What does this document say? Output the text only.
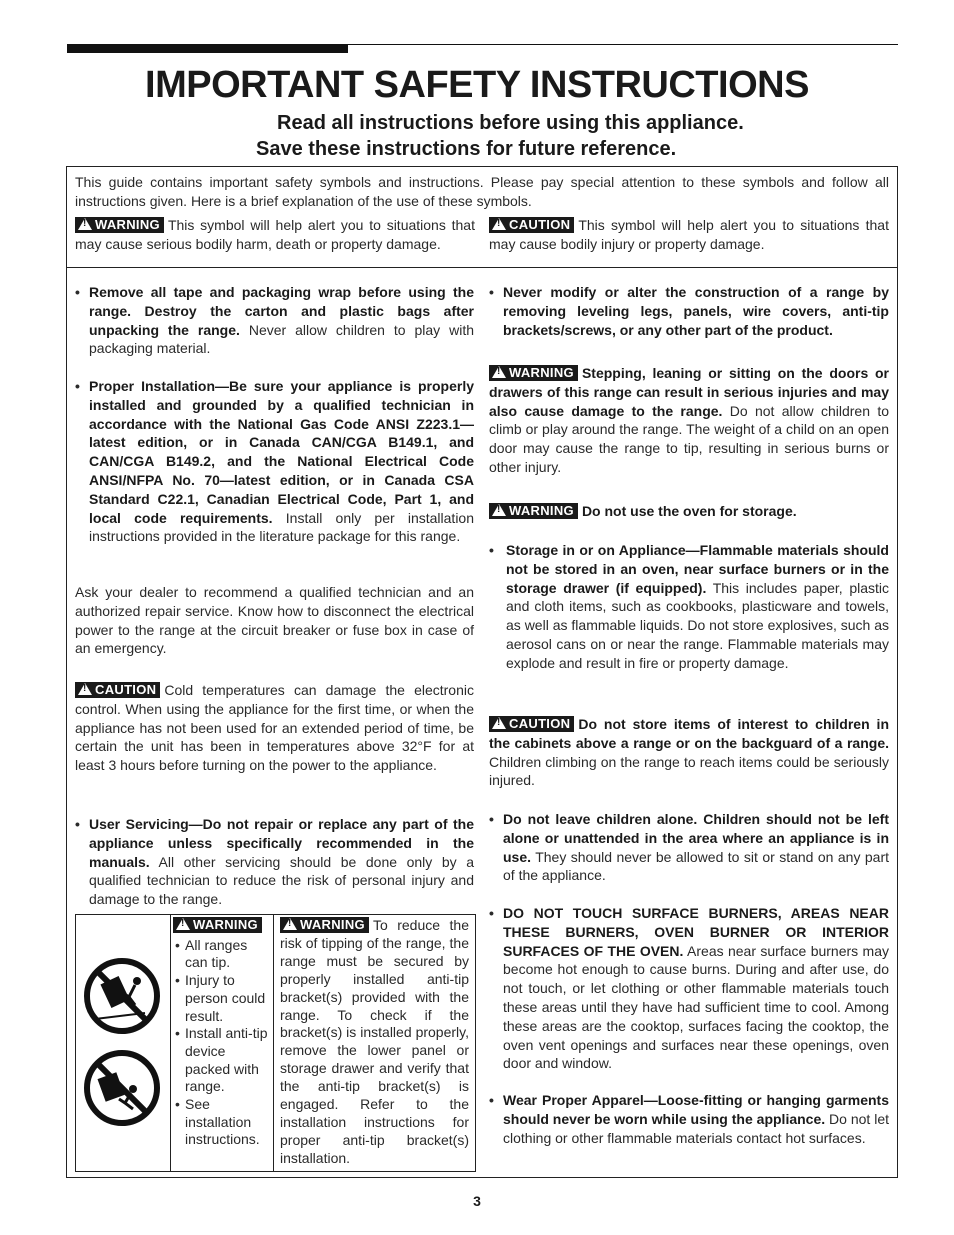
IMPORTANT SAFETY INSTRUCTIONS
Read all instructions before using this appliance.
Save these instructions for future reference.
This guide contains important safety symbols and instructions. Please pay special attention to these symbols and follow all instructions given. Here is a brief explanation of the use of these symbols.
! WARNING This symbol will help alert you to situations that may cause serious bodily harm, death or property damage.
! CAUTION This symbol will help alert you to situations that may cause bodily injury or property damage.
• Remove all tape and packaging wrap before using the range. Destroy the carton and plastic bags after unpacking the range. Never allow children to play with packaging material.
• Proper Installation—Be sure your appliance is properly installed and grounded by a qualified technician in accordance with the National Gas Code ANSI Z223.1—latest edition, or in Canada CAN/CGA B149.1, and CAN/CGA B149.2, and the National Electrical Code ANSI/NFPA No. 70—latest edition, or in Canada CSA Standard C22.1, Canadian Electrical Code, Part 1, and local code requirements. Install only per installation instructions provided in the literature package for this range.
Ask your dealer to recommend a qualified technician and an authorized repair service. Know how to disconnect the electrical power to the range at the circuit breaker or fuse box in case of an emergency.
! CAUTION Cold temperatures can damage the electronic control. When using the appliance for the first time, or when the appliance has not been used for an extended period of time, be certain the unit has been in temperatures above 32°F for at least 3 hours before turning on the power to the appliance.
• User Servicing—Do not repair or replace any part of the appliance unless specifically recommended in the manuals. All other servicing should be done only by a qualified technician to reduce the risk of personal injury and damage to the range.
! WARNING
• All ranges can tip.
• Injury to person could result.
• Install anti-tip device packed with range.
• See installation instructions.
! WARNING To reduce the risk of tipping of the range, the range must be secured by properly installed anti-tip bracket(s) provided with the range. To check if the bracket(s) is installed properly, remove the lower panel or storage drawer and verify that the anti-tip bracket(s) is engaged. Refer to the installation instructions for proper anti-tip bracket(s) installation.
• Never modify or alter the construction of a range by removing leveling legs, panels, wire covers, anti-tip brackets/screws, or any other part of the product.
! WARNING Stepping, leaning or sitting on the doors or drawers of this range can result in serious injuries and may also cause damage to the range. Do not allow children to climb or play around the range. The weight of a child on an open door may cause the range to tip, resulting in serious burns or other injury.
! WARNING Do not use the oven for storage.
• Storage in or on Appliance—Flammable materials should not be stored in an oven, near surface burners or in the storage drawer (if equipped). This includes paper, plastic and cloth items, such as cookbooks, plasticware and towels, as well as flammable liquids. Do not store explosives, such as aerosol cans on or near the range. Flammable materials may explode and result in fire or property damage.
! CAUTION Do not store items of interest to children in the cabinets above a range or on the backguard of a range. Children climbing on the range to reach items could be seriously injured.
• Do not leave children alone. Children should not be left alone or unattended in the area where an appliance is in use. They should never be allowed to sit or stand on any part of the appliance.
• DO NOT TOUCH SURFACE BURNERS, AREAS NEAR THESE BURNERS, OVEN BURNER OR INTERIOR SURFACES OF THE OVEN. Areas near surface burners may become hot enough to cause burns. During and after use, do not touch, or let clothing or other flammable materials touch these areas until they have had sufficient time to cool. Among these areas are the cooktop, surfaces facing the cooktop, the oven vent openings and surfaces near these openings, oven door and window.
• Wear Proper Apparel—Loose-fitting or hanging garments should never be worn while using the appliance. Do not let clothing or other flammable materials contact hot surfaces.
3
